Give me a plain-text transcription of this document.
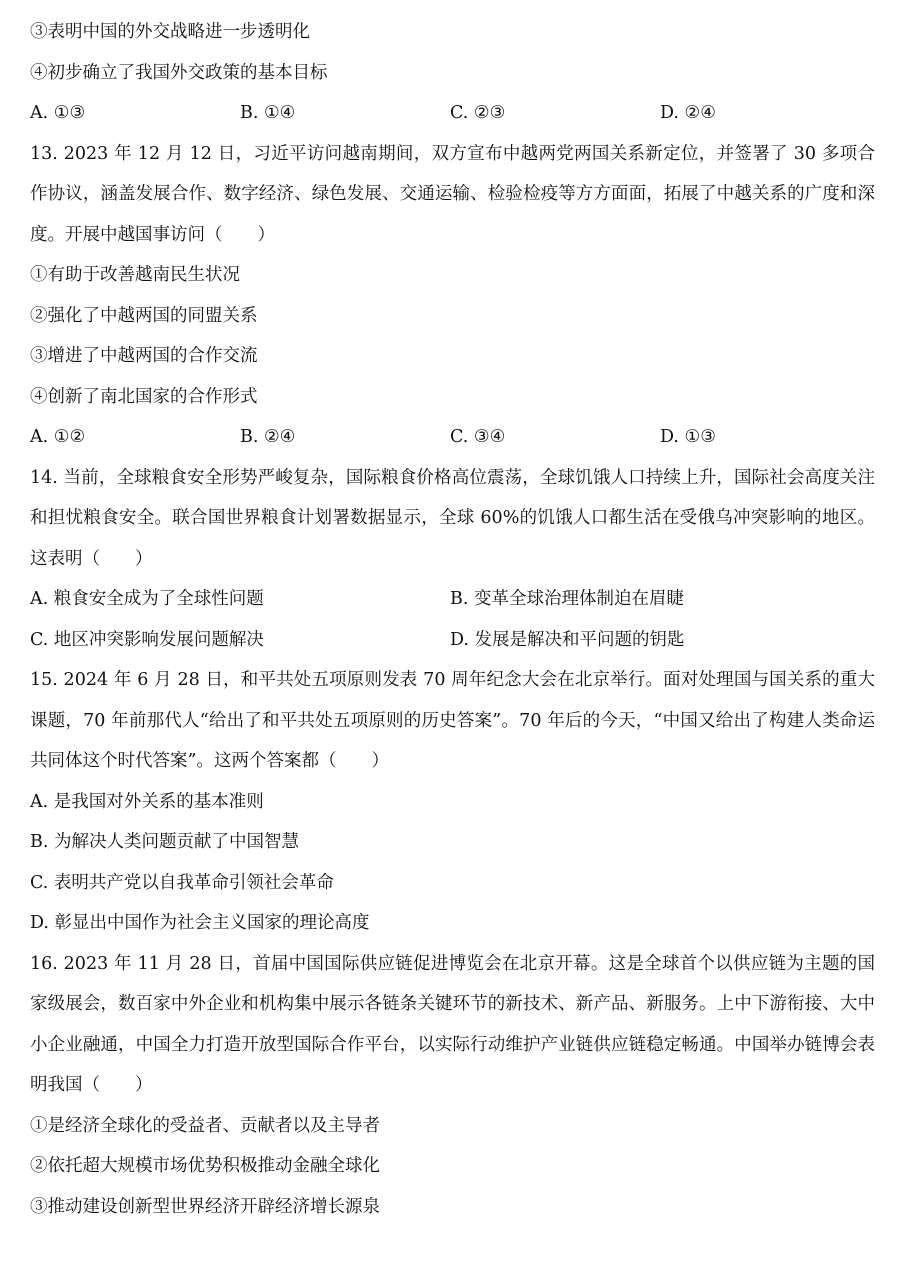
③表明中国的外交战略进一步透明化
④初步确立了我国外交政策的基本目标
A. ①③	B. ①④	C. ②③	D. ②④
13. 2023 年 12 月 12 日，习近平访问越南期间，双方宣布中越两党两国关系新定位，并签署了 30 多项合作协议，涵盖发展合作、数字经济、绿色发展、交通运输、检验检疫等方方面面，拓展了中越关系的广度和深度。开展中越国事访问（　　）
①有助于改善越南民生状况
②强化了中越两国的同盟关系
③增进了中越两国的合作交流
④创新了南北国家的合作形式
A. ①②	B. ②④	C. ③④	D. ①③
14. 当前，全球粮食安全形势严峻复杂，国际粮食价格高位震荡，全球饥饿人口持续上升，国际社会高度关注和担忧粮食安全。联合国世界粮食计划署数据显示，全球 60%的饥饿人口都生活在受俄乌冲突影响的地区。这表明（　　）
A. 粮食安全成为了全球性问题	B. 变革全球治理体制迫在眉睫
C. 地区冲突影响发展问题解决	D. 发展是解决和平问题的钥匙
15. 2024 年 6 月 28 日，和平共处五项原则发表 70 周年纪念大会在北京举行。面对处理国与国关系的重大课题，70 年前那代人“给出了和平共处五项原则的历史答案”。70 年后的今天，“中国又给出了构建人类命运共同体这个时代答案”。这两个答案都（　　）
A. 是我国对外关系的基本准则
B. 为解决人类问题贡献了中国智慧
C. 表明共产党以自我革命引领社会革命
D. 彰显出中国作为社会主义国家的理论高度
16. 2023 年 11 月 28 日，首届中国国际供应链促进博览会在北京开幕。这是全球首个以供应链为主题的国家级展会，数百家中外企业和机构集中展示各链条关键环节的新技术、新产品、新服务。上中下游衔接、大中小企业融通，中国全力打造开放型国际合作平台，以实际行动维护产业链供应链稳定畅通。中国举办链博会表明我国（　　）
①是经济全球化的受益者、贡献者以及主导者
②依托超大规模市场优势积极推动金融全球化
③推动建设创新型世界经济开辟经济增长源泉
